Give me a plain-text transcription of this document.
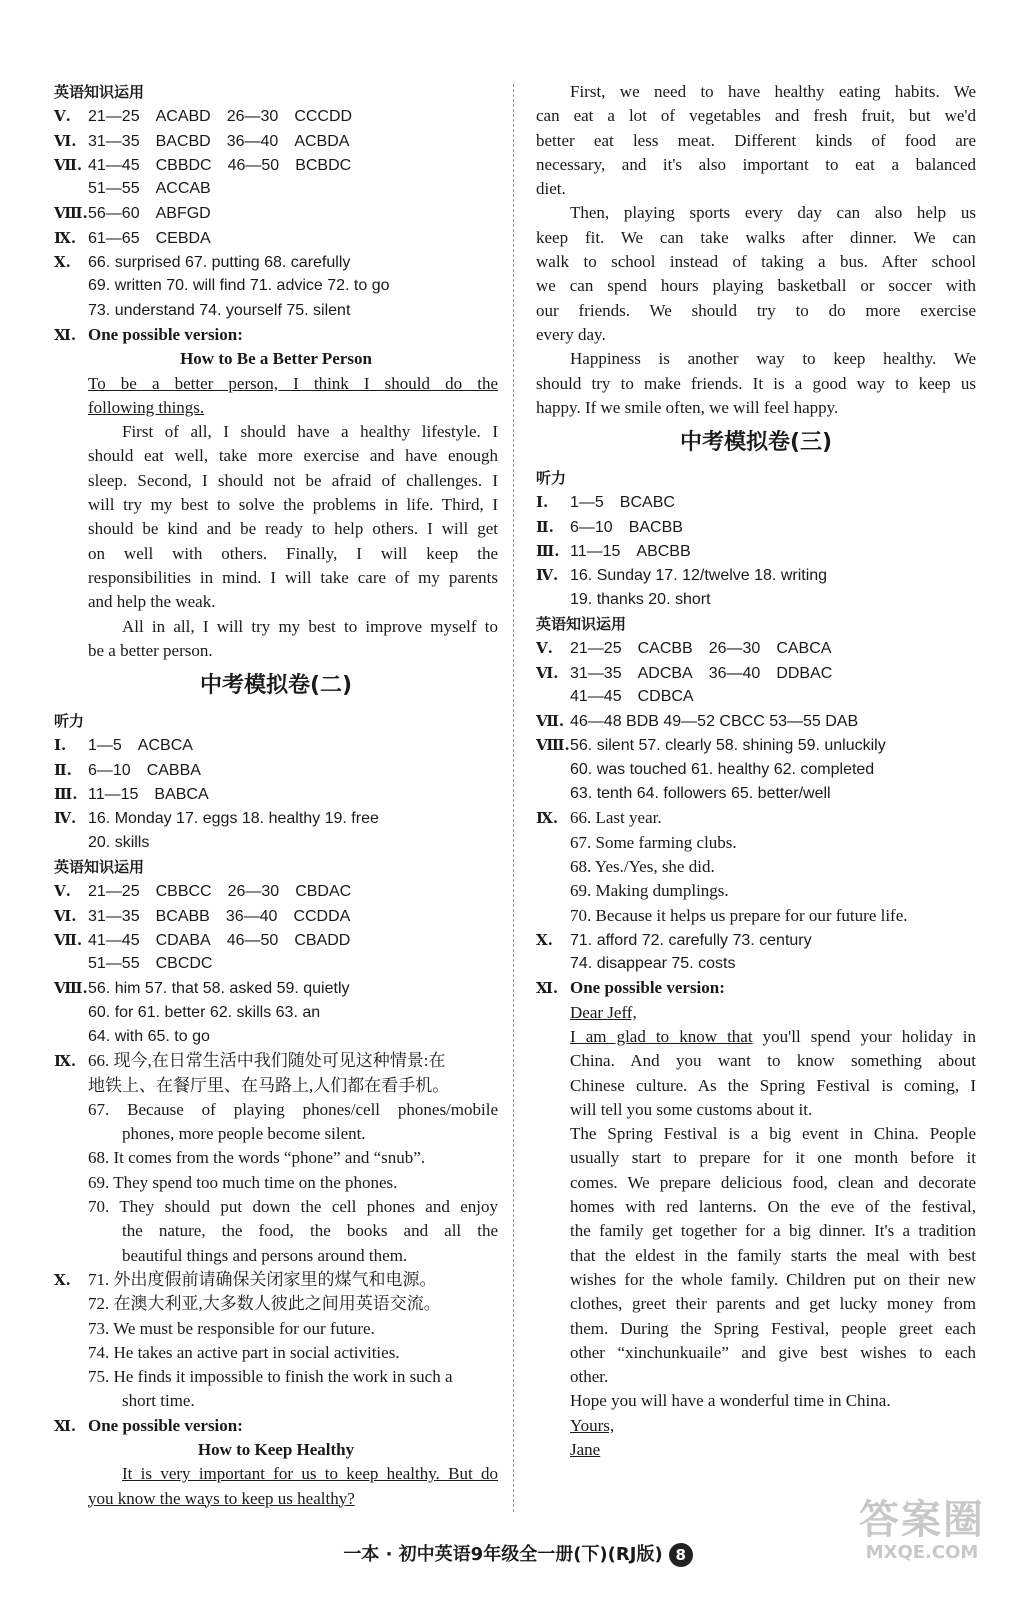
英语知识运用
Ⅴ. 21—25 ACABD 26—30 CCCDD
Ⅵ. 31—35 BACBD 36—40 ACBDA
Ⅶ. 41—45 CBBDC 46—50 BCBDC
51—55 ACCAB
Ⅷ.56—60 ABFGD
Ⅸ. 61—65 CEBDA
Ⅹ. 66. surprised 67. putting 68. carefully
69. written 70. will find 71. advice 72. to go
73. understand 74. yourself 75. silent
Ⅺ. One possible version:
How to Be a Better Person
To be a better person, I think I should do the
following things.
First of all, I should have a healthy lifestyle. I
should eat well, take more exercise and have enough
sleep. Second, I should not be afraid of challenges. I
will try my best to solve the problems in life. Third, I
should be kind and be ready to help others. I will get
on well with others. Finally, I will keep the
responsibilities in mind. I will take care of my parents
and help the weak.
All in all, I will try my best to improve myself to
be a better person.
中考模拟卷(二)
听力
Ⅰ. 1—5 ACBCA
Ⅱ. 6—10 CABBA
Ⅲ. 11—15 BABCA
Ⅳ. 16. Monday 17. eggs 18. healthy 19. free
20. skills
英语知识运用
Ⅴ. 21—25 CBBCC 26—30 CBDAC
Ⅵ. 31—35 BCABB 36—40 CCDDA
Ⅶ. 41—45 CDABA 46—50 CBADD
51—55 CBCDC
Ⅷ.56. him 57. that 58. asked 59. quietly
60. for 61. better 62. skills 63. an
64. with 65. to go
Ⅸ. 66. 现今,在日常生活中我们随处可见这种情景:在
地铁上、在餐厅里、在马路上,人们都在看手机。
67. Because of playing phones/cell phones/mobile
phones, more people become silent.
68. It comes from the words “phone” and “snub”.
69. They spend too much time on the phones.
70. They should put down the cell phones and enjoy
the nature, the food, the books and all the
beautiful things and persons around them.
Ⅹ. 71. 外出度假前请确保关闭家里的煤气和电源。
72. 在澳大利亚,大多数人彼此之间用英语交流。
73. We must be responsible for our future.
74. He takes an active part in social activities.
75. He finds it impossible to finish the work in such a
short time.
Ⅺ. One possible version:
How to Keep Healthy
It is very important for us to keep healthy. But do
you know the ways to keep us healthy?
First, we need to have healthy eating habits. We
can eat a lot of vegetables and fresh fruit, but we'd
better eat less meat. Different kinds of food are
necessary, and it's also important to eat a balanced
diet.
Then, playing sports every day can also help us
keep fit. We can take walks after dinner. We can
walk to school instead of taking a bus. After school
we can spend hours playing basketball or soccer with
our friends. We should try to do more exercise
every day.
Happiness is another way to keep healthy. We
should try to make friends. It is a good way to keep us
happy. If we smile often, we will feel happy.
中考模拟卷(三)
听力
Ⅰ. 1—5 BCABC
Ⅱ. 6—10 BACBB
Ⅲ. 11—15 ABCBB
Ⅳ. 16. Sunday 17. 12/twelve 18. writing
19. thanks 20. short
英语知识运用
Ⅴ. 21—25 CACBB 26—30 CABCA
Ⅵ. 31—35 ADCBA 36—40 DDBAC
41—45 CDBCA
Ⅶ. 46—48 BDB 49—52 CBCC 53—55 DAB
Ⅷ.56. silent 57. clearly 58. shining 59. unluckily
60. was touched 61. healthy 62. completed
63. tenth 64. followers 65. better/well
Ⅸ. 66. Last year.
67. Some farming clubs.
68. Yes./Yes, she did.
69. Making dumplings.
70. Because it helps us prepare for our future life.
Ⅹ. 71. afford 72. carefully 73. century
74. disappear 75. costs
Ⅺ. One possible version:
Dear Jeff,
I am glad to know that you'll spend your holiday in
China. And you want to know something about
Chinese culture. As the Spring Festival is coming, I
will tell you some customs about it.
The Spring Festival is a big event in China. People
usually start to prepare for it one month before it
comes. We prepare delicious food, clean and decorate
homes with red lanterns. On the eve of the festival,
the family get together for a big dinner. It's a tradition
that the eldest in the family starts the meal with best
wishes for the whole family. Children put on their new
clothes, greet their parents and get lucky money from
them. During the Spring Festival, people greet each
other “xinchunkuaile” and give best wishes to each
other.
Hope you will have a wonderful time in China.
Yours,
Jane
一本 · 初中英语9年级全一册(下)(RJ版) 8
答案圈
MXQE.COM
